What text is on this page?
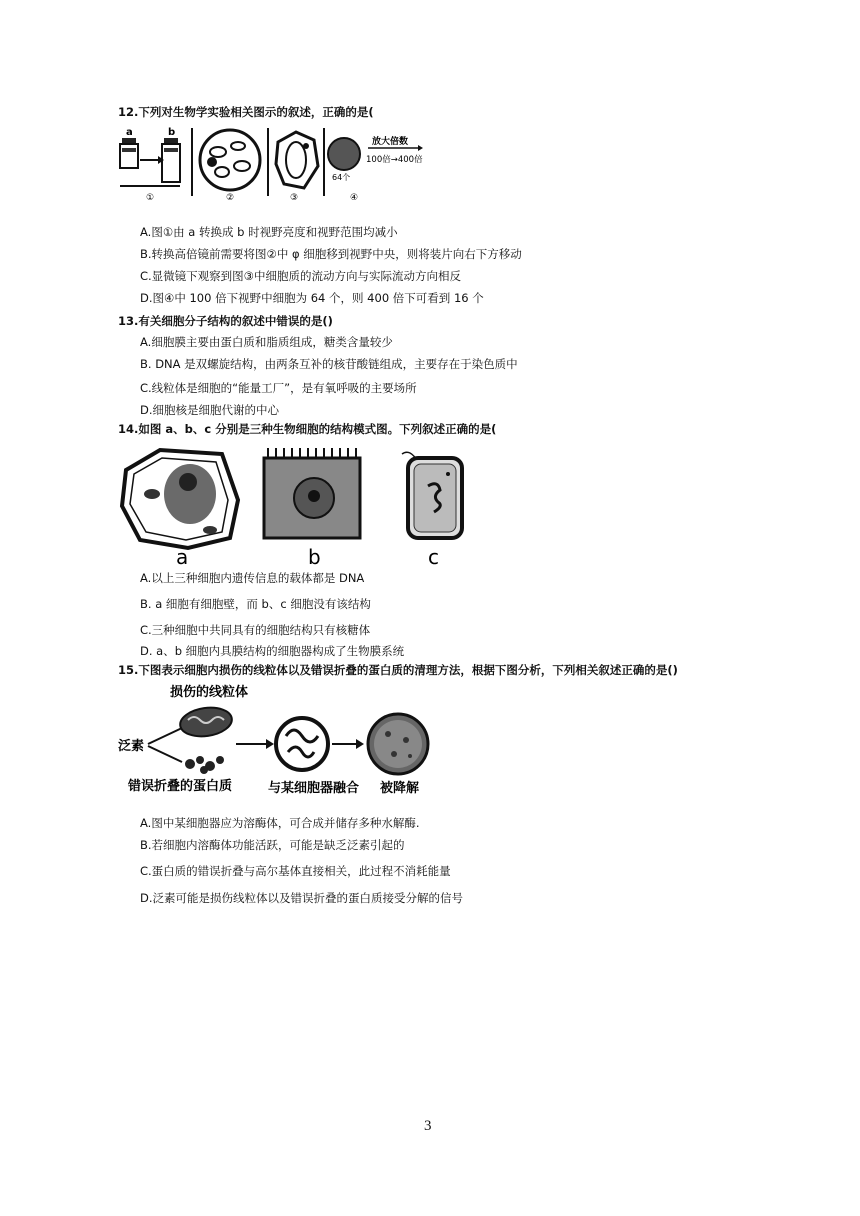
12.下列对生物学实验相关图示的叙述，正确的是(
a	b
①	②	③
放大倍数
100倍→400倍
64个
④
A.图①由 a 转换成 b 时视野亮度和视野范围均减小
B.转换高倍镜前需要将图②中 φ 细胞移到视野中央，则将装片向右下方移动
C.显微镜下观察到图③中细胞质的流动方向与实际流动方向相反
D.图④中 100 倍下视野中细胞为 64 个，则 400 倍下可看到 16 个
13.有关细胞分子结构的叙述中错误的是()
A.细胞膜主要由蛋白质和脂质组成，糖类含量较少
B. DNA 是双螺旋结构，由两条互补的核苷酸链组成，主要存在于染色质中
C.线粒体是细胞的“能量工厂”，是有氧呼吸的主要场所
D.细胞核是细胞代谢的中心
14.如图 a、b、c 分别是三种生物细胞的结构模式图。下列叙述正确的是(
a	b	c
A.以上三种细胞内遗传信息的载体都是 DNA
B. a 细胞有细胞壁，而 b、c 细胞没有该结构
C.三种细胞中共同具有的细胞结构只有核糖体
D. a、b 细胞内具膜结构的细胞器构成了生物膜系统
15.下图表示细胞内损伤的线粒体以及错误折叠的蛋白质的清理方法，根据下图分析，下列相关叙述正确的是()
损伤的线粒体
泛素
错误折叠的蛋白质	与某细胞器融合 被降解
A.图中某细胞器应为溶酶体，可合成并储存多种水解酶.
B.若细胞内溶酶体功能活跃，可能是缺乏泛素引起的
C.蛋白质的错误折叠与高尔基体直接相关，此过程不消耗能量
D.泛素可能是损伤线粒体以及错误折叠的蛋白质接受分解的信号
3
